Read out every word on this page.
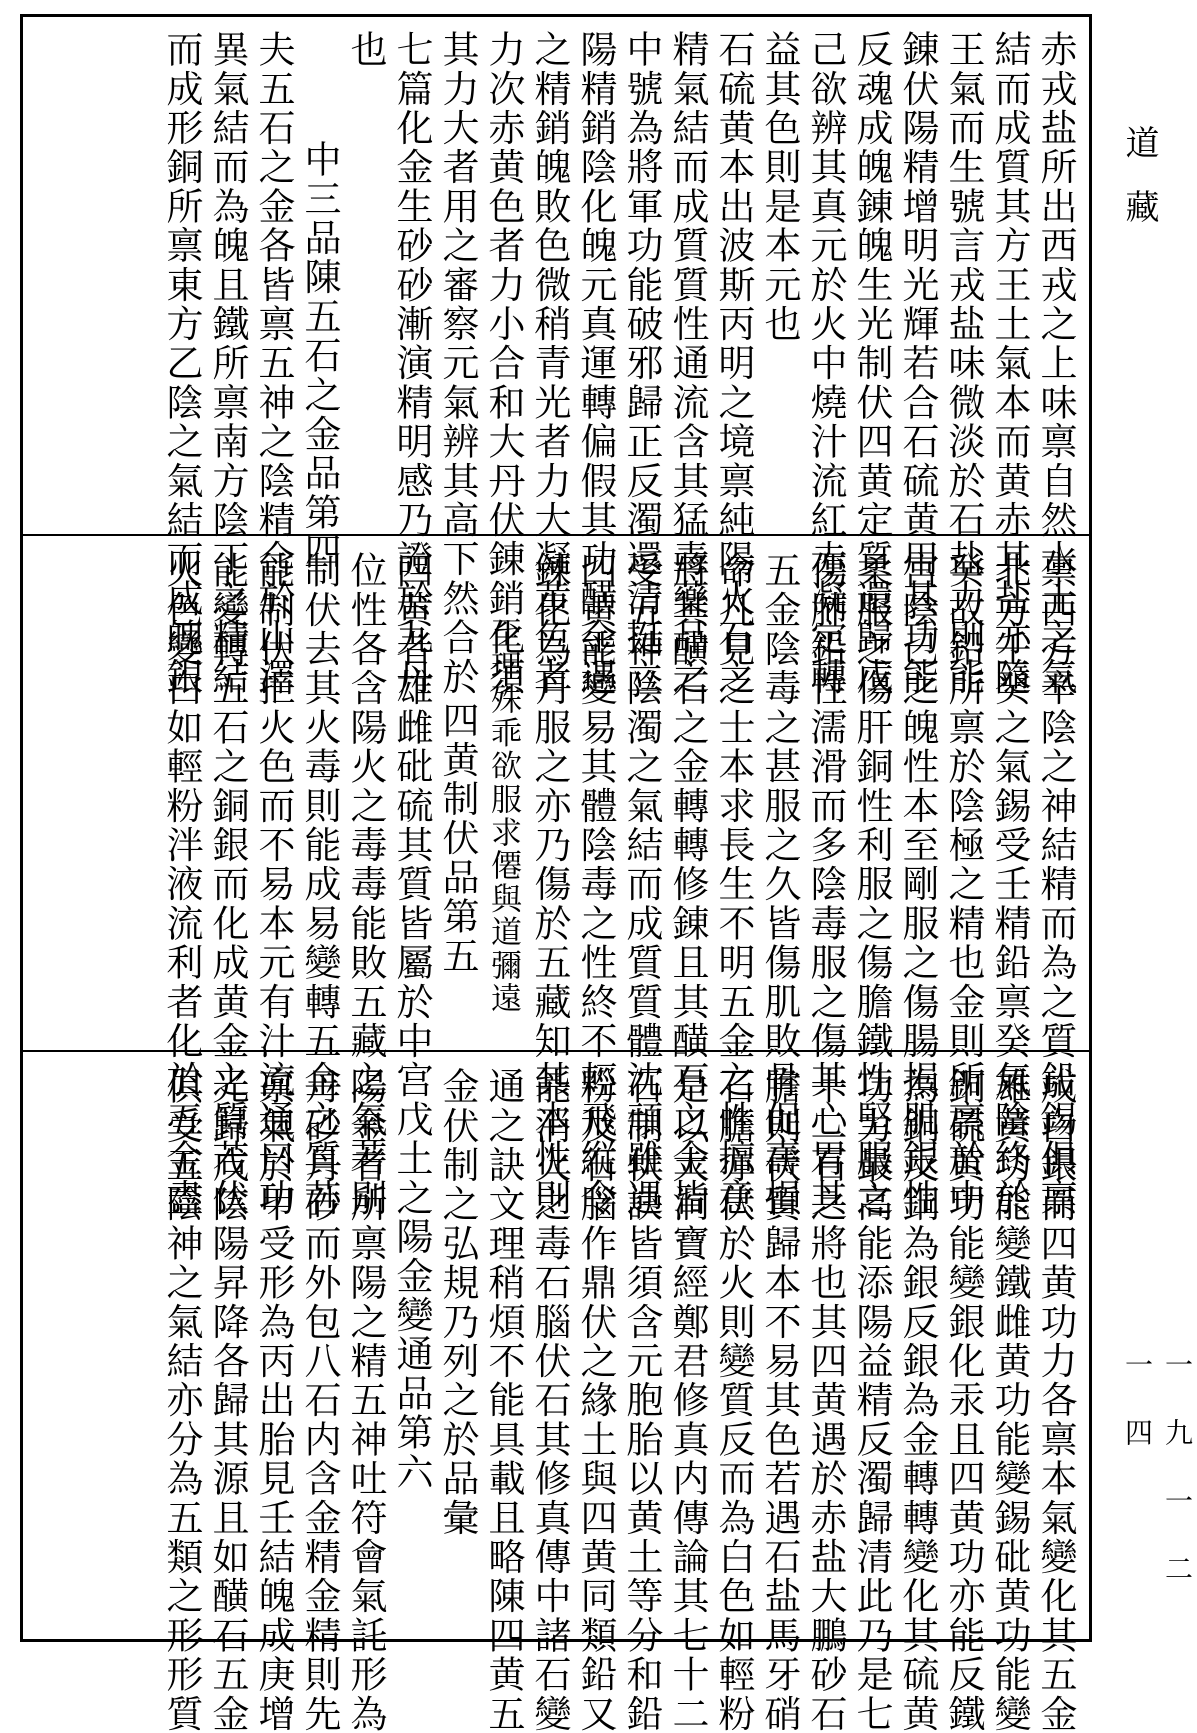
赤戎盐所出西戎之上味禀自然水土之氣
結而成質其方王土氣本而黄赤其盐亦隨
王氣而生號言戎盐味微淡於石盐力則能
錬伏陽精增明光輝若合石硫黄用其功能
反魂成魄錬魄生光制伏四黄定質還歸戊
己欲辨其真元於火中燒汁流紅赤凝定轉
益其色則是本元也
石硫黄本出波斯丙明之境禀純陽火石之
精氣結而成質質性通流含其猛毒藥品之
中號為將軍功能破邪歸正反濁還清挺立
陽精銷陰化魄元真運轉偏假其功䤑金遇
之精銷魄敗色微稍青光者力大凝黄色者
力次赤黄色者力小合和大丹伏錬銷化須
其力大者用之審察元氣辨其高下然合於
七篇化金生砂砂漸演精明感乃證於九丹
也
中三品陳五石之金品第四
夫五石之金各皆禀五神之陰精合於山澤
異氣結而為魄且鐵所禀南方陰丁之精結
而成形銅所禀東方乙陰之氣結而成魄銀
禀西方辛陰之神結精而為之質鉛錫俱禀
北方壬癸之氣錫受壬精鉛禀癸氣陰終於
癸故鉛所禀於陰極之精也金則所禀於中
宫陰己之魄性本至剛服之傷腸損肌銀性
柔服之傷肝銅性利服之傷膽鐵性堅服之
傷肺鉛性濡滑而多陰毒服之傷其心胃其
五金陰毒之甚服之久皆傷肌敗骨促壽損
命凡見之士本求長生不明五金之性擅意
將其䤑石之金轉轉修錬且其䤑石之金皆
受五神陰濁之氣結而成質質體沈頑雖遇
四黄能變易其體陰毒之性終不輕飛縦令
錬化為丹服之亦乃傷於五藏知其本性則
至理殊乖欲服求僊與道彌遠
四黄制伏品第五
四黄者雄雌砒硫其質皆屬於中宫戊土之
位性各含陽火之毒毒能敗五藏之氣若别
制伏去其火毒則能成易變轉五金之質若
能制伏拒火色而不易本元有汁流通曰功
能變轉五石之銅銀而化成黄金之質若伏
火色變白如輕粉泮液流利者化於五金盡
成白銀而四黄功力各禀本氣變化其五金
雄黄功能變鐵雌黄功能變錫砒黄功能變
銅硫黄功能變銀化汞且四黄功亦能反鐵
為銅反銅為銀反銀為金轉轉變化其硫黄
功力最高能添陽益精反濁歸清此乃是七
十二石之將也其四黄遇於赤盐大鵬砂石
膽則伏質歸本不易其色若遇石盐馬牙硝
石膽亦伏於火則變質反而為白色如輕粉
是以大洞寶經鄭君修真内傳論其七十二
石制伏訣皆須含元胞胎以黄土等分和鉛
粉及石腦作鼎伏之緣土與四黄同類鉛又
能消火之毒石腦伏石其修真傳中諸石變
通之訣文理稍煩不能具載且略陳四黄五
金伏制之弘規乃列之於品彙
陽金變通品第六
陽金者所禀陽之精五神吐符會氣託形為
丹砂丹砂而外包八石内含金精金精則先
禀氣於甲受形為丙出胎見壬結魄成庚增
光歸戊陰陽昇降各歸其源且如䤑石五金
俱受五陰神之氣結亦分為五類之形形質
道藏
一九一二一四
